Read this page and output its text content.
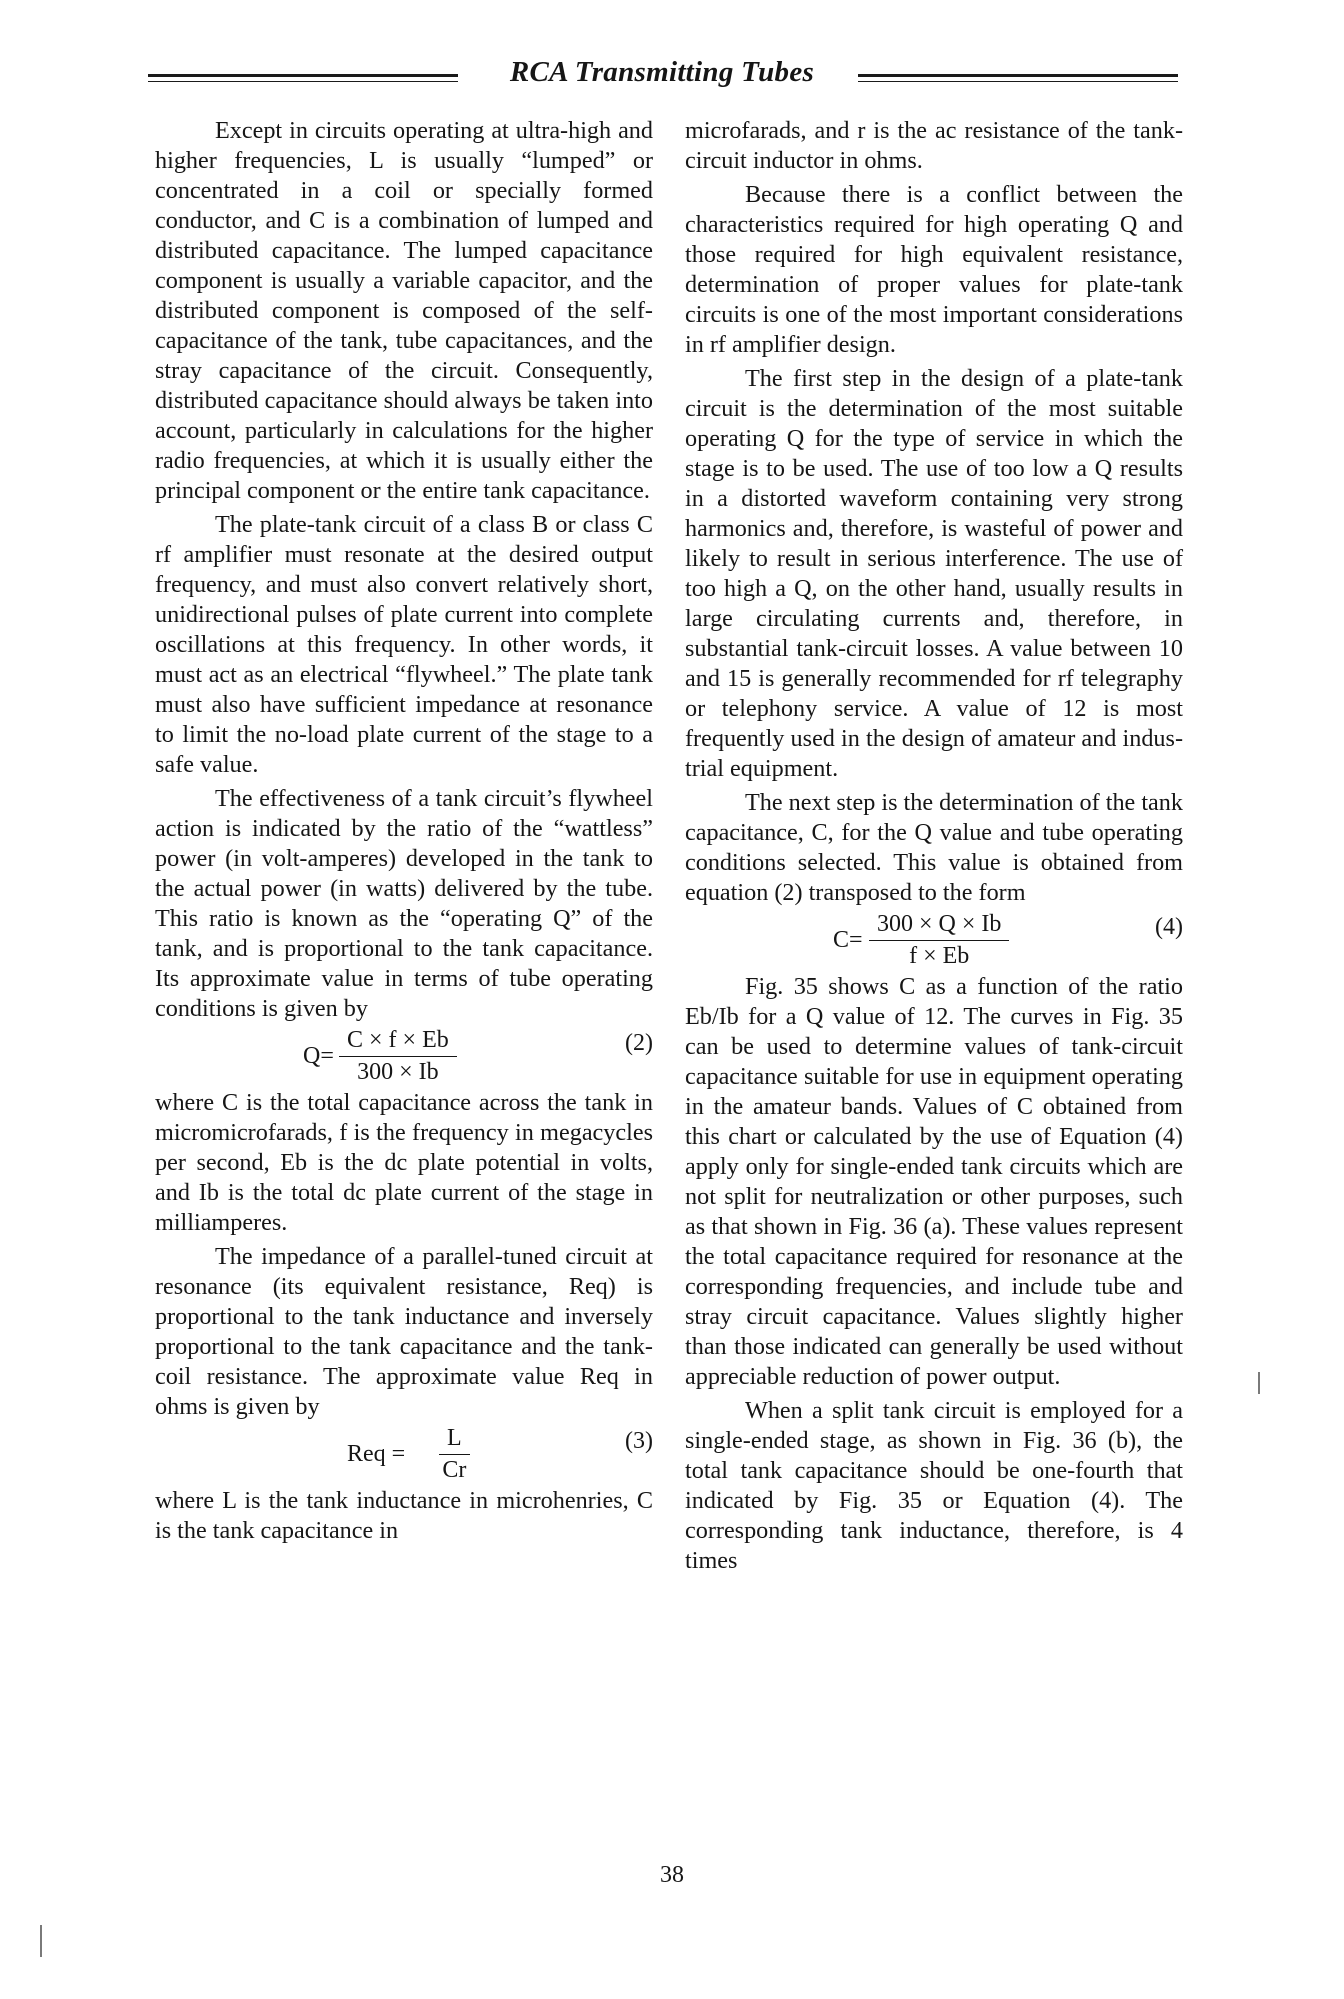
RCA Transmitting Tubes

Except in circuits operating at ultra-high and higher frequencies, L is usually “lumped” or concentrated in a coil or specially formed conductor, and C is a combination of lumped and distributed capacitance. The lumped capacitance component is usually a variable capacitor, and the distributed component is composed of the self-capacitance of the tank, tube capacitances, and the stray capacitance of the circuit. Consequently, distributed capacitance should always be taken into account, particularly in calculations for the higher radio frequencies, at which it is usually either the principal component or the entire tank capacitance.

The plate-tank circuit of a class B or class C rf amplifier must resonate at the desired output frequency, and must also convert relatively short, unidirectional pulses of plate current into complete oscillations at this frequency. In other words, it must act as an electrical “flywheel.” The plate tank must also have sufficient impedance at resonance to limit the no-load plate current of the stage to a safe value.

The effectiveness of a tank circuit’s flywheel action is indicated by the ratio of the “wattless” power (in volt-amperes) developed in the tank to the actual power (in watts) delivered by the tube. This ratio is known as the “operating Q” of the tank, and is proportional to the tank capacitance. Its approximate value in terms of tube operating conditions is given by

$Q= \frac{C \times f \times Eb}{300 \times Ib}$	(2)

where C is the total capacitance across the tank in micromicrofarads, f is the frequency in megacycles per second, Eb is the dc plate potential in volts, and Ib is the total dc plate current of the stage in milliamperes.

The impedance of a parallel-tuned circuit at resonance (its equivalent resistance, Req) is proportional to the tank inductance and inversely proportional to the tank capacitance and the tank-coil resistance. The approximate value Req in ohms is given by

Req = $\frac{L}{Cr}$	(3)

where L is the tank inductance in microhenries, C is the tank capacitance in

microfarads, and r is the ac resistance of the tank-circuit inductor in ohms.

Because there is a conflict between the characteristics required for high operating Q and those required for high equivalent resistance, determination of proper values for plate-tank circuits is one of the most important considerations in rf amplifier design.

The first step in the design of a plate-tank circuit is the determination of the most suitable operating Q for the type of service in which the stage is to be used. The use of too low a Q results in a distorted waveform containing very strong harmonics and, therefore, is wasteful of power and likely to result in serious interference. The use of too high a Q, on the other hand, usually results in large circulating currents and, therefore, in substantial tank-circuit losses. A value between 10 and 15 is generally recommended for rf telegraphy or telephony service. A value of 12 is most frequently used in the design of amateur and industrial equipment.

The next step is the determination of the tank capacitance, C, for the Q value and tube operating conditions selected. This value is obtained from equation (2) transposed to the form

$C= \frac{300 \times Q \times Ib}{f \times Eb}$	(4)

Fig. 35 shows C as a function of the ratio Eb/Ib for a Q value of 12. The curves in Fig. 35 can be used to determine values of tank-circuit capacitance suitable for use in equipment operating in the amateur bands. Values of C obtained from this chart or calculated by the use of Equation (4) apply only for single-ended tank circuits which are not split for neutralization or other purposes, such as that shown in Fig. 36 (a). These values represent the total capacitance required for resonance at the corresponding frequencies, and include tube and stray circuit capacitance. Values slightly higher than those indicated can generally be used without appreciable reduction of power output.

When a split tank circuit is employed for a single-ended stage, as shown in Fig. 36 (b), the total tank capacitance should be one-fourth that indicated by Fig. 35 or Equation (4). The corresponding tank inductance, therefore, is 4 times

38
